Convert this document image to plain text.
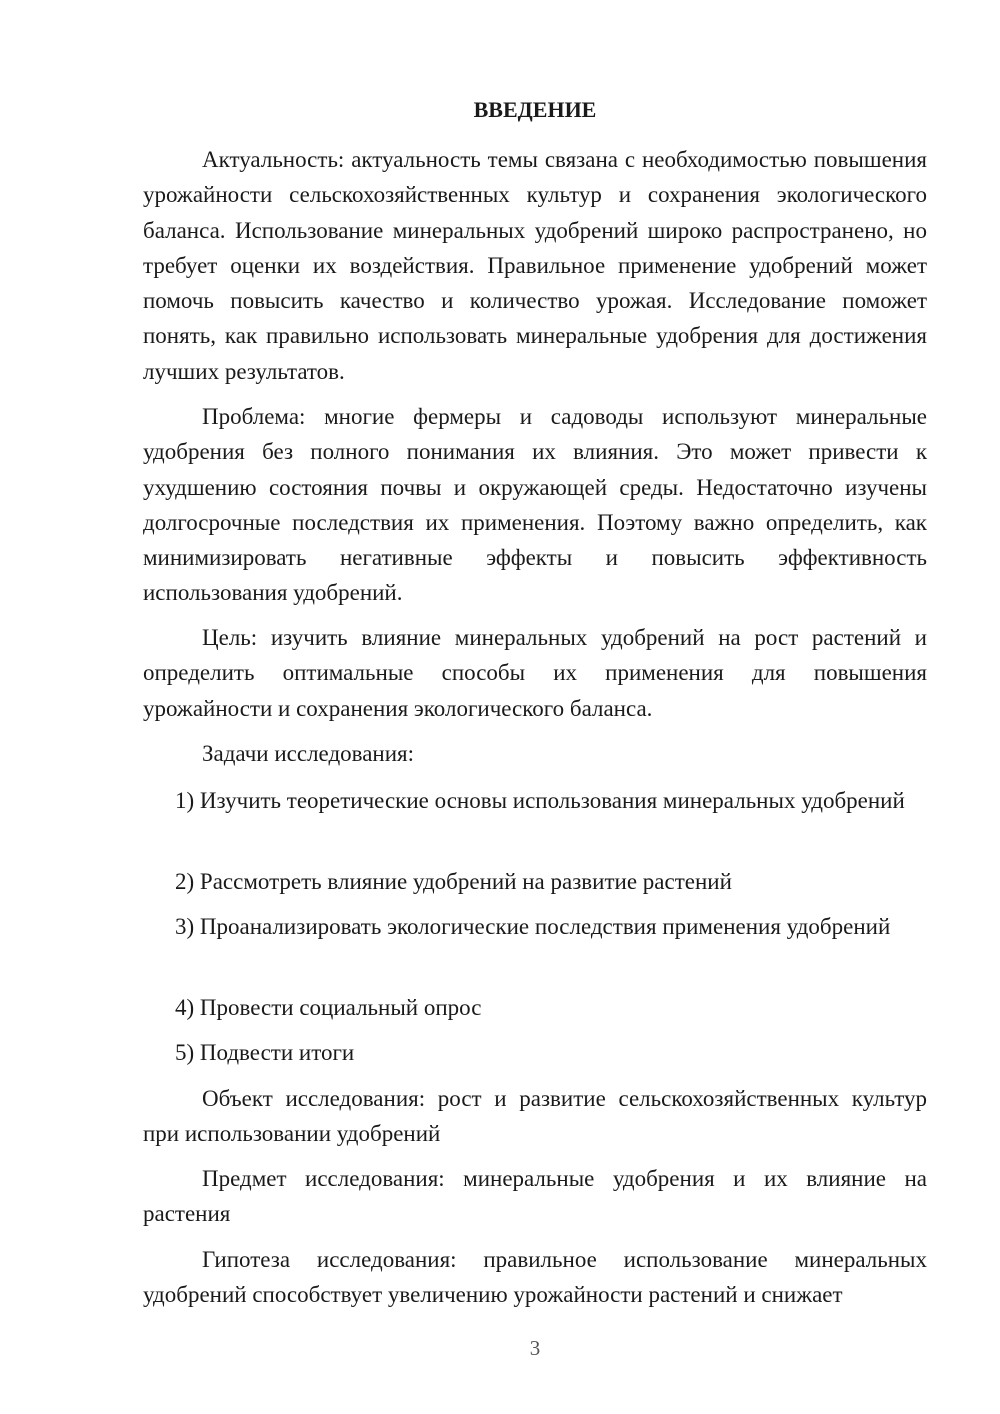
ВВЕДЕНИЕ

Актуальность: актуальность темы связана с необходимостью повышения урожайности сельскохозяйственных культур и сохранения экологического баланса. Использование минеральных удобрений широко распространено, но требует оценки их воздействия. Правильное применение удобрений может помочь повысить качество и количество урожая. Исследование поможет понять, как правильно использовать минеральные удобрения для достижения лучших результатов.

Проблема: многие фермеры и садоводы используют минеральные удобрения без полного понимания их влияния. Это может привести к ухудшению состояния почвы и окружающей среды. Недостаточно изучены долгосрочные последствия их применения. Поэтому важно определить, как минимизировать негативные эффекты и повысить эффективность использования удобрений.

Цель: изучить влияние минеральных удобрений на рост растений и определить оптимальные способы их применения для повышения урожайности и сохранения экологического баланса.

Задачи исследования:

1) Изучить теоретические основы использования минеральных удобрений

2) Рассмотреть влияние удобрений на развитие растений

3) Проанализировать экологические последствия применения удобрений

4) Провести социальный опрос

5) Подвести итоги

Объект исследования: рост и развитие сельскохозяйственных культур при использовании удобрений

Предмет исследования: минеральные удобрения и их влияние на растения

Гипотеза исследования: правильное использование минеральных удобрений способствует увеличению урожайности растений и снижает

3
